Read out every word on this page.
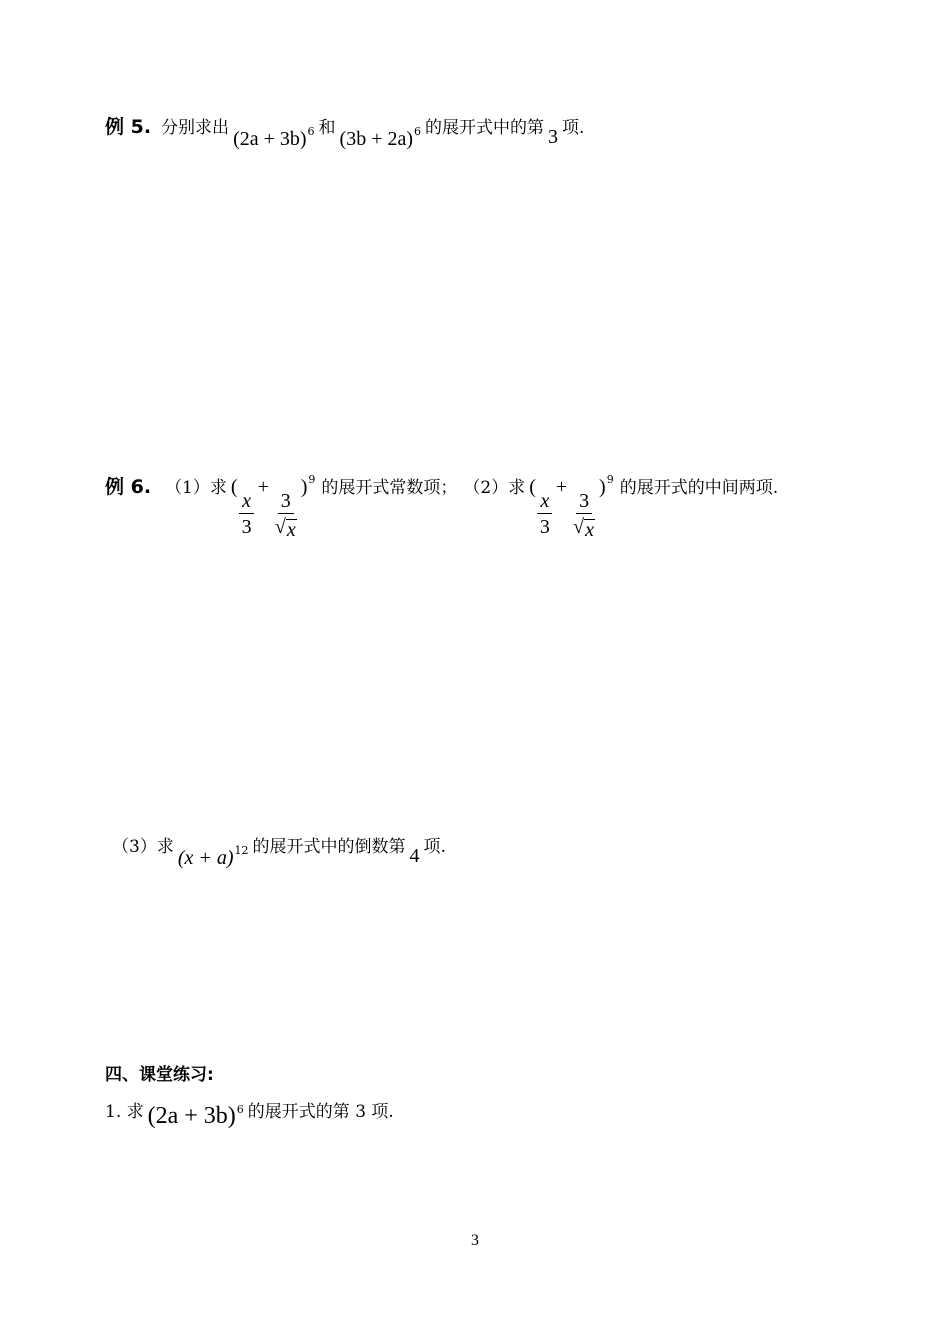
例 5. 分别求出 (2a + 3b) 6 和 (3b + 2a) 6 的展开式中的第 3 项.
例 6. （1）求 (
$\frac{x}{3}$
+
$\frac{3}{√ x}$
) 9 的展开式常数项； （2）求 (
$\frac{x}{3}$
+
$\frac{3}{√ x}$
) 9 的展开式的中间两项.
（3）求 (x + a) 12 的展开式中的倒数第 4 项.
四、课堂练习:
1. 求 (2a + 3b) 6 的展开式的第 3 项.
3
